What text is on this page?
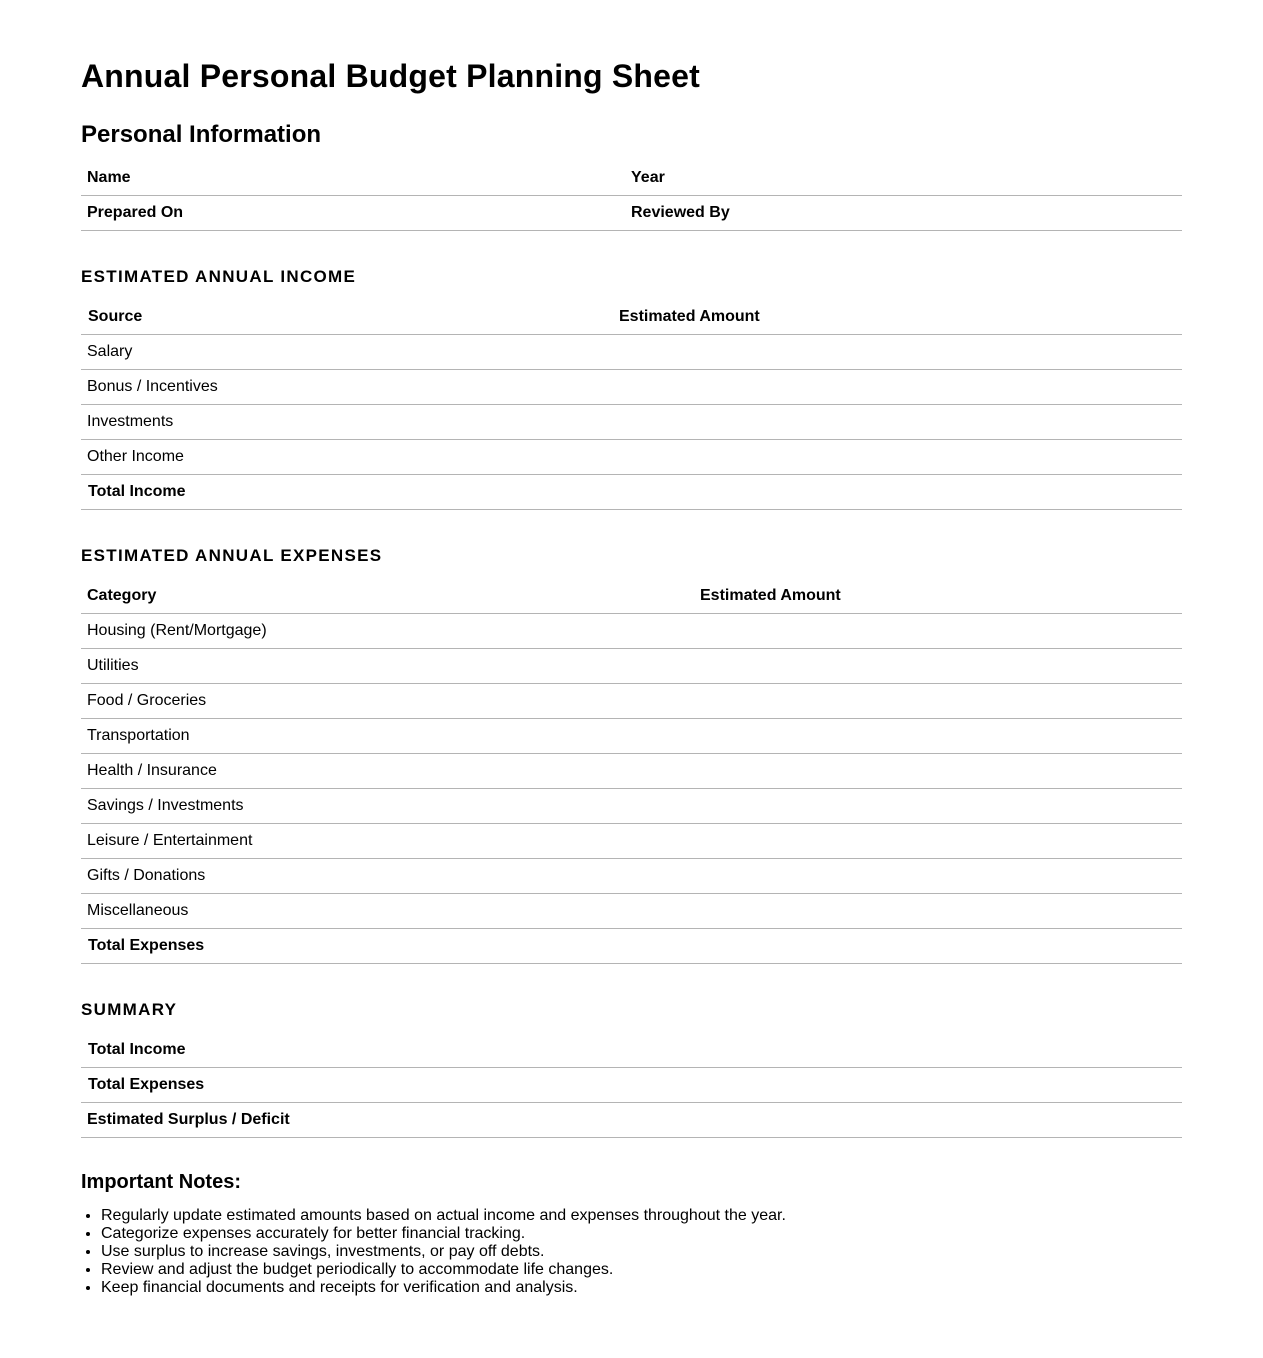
Annual Personal Budget Planning Sheet
Personal Information
Name	Year
Prepared On	Reviewed By
ESTIMATED ANNUAL INCOME
Source	Estimated Amount
Salary
Bonus / Incentives
Investments
Other Income
Total Income
ESTIMATED ANNUAL EXPENSES
Category	Estimated Amount
Housing (Rent/Mortgage)
Utilities
Food / Groceries
Transportation
Health / Insurance
Savings / Investments
Leisure / Entertainment
Gifts / Donations
Miscellaneous
Total Expenses
SUMMARY
Total Income
Total Expenses
Estimated Surplus / Deficit
Important Notes:
• Regularly update estimated amounts based on actual income and expenses throughout the year.
• Categorize expenses accurately for better financial tracking.
• Use surplus to increase savings, investments, or pay off debts.
• Review and adjust the budget periodically to accommodate life changes.
• Keep financial documents and receipts for verification and analysis.
